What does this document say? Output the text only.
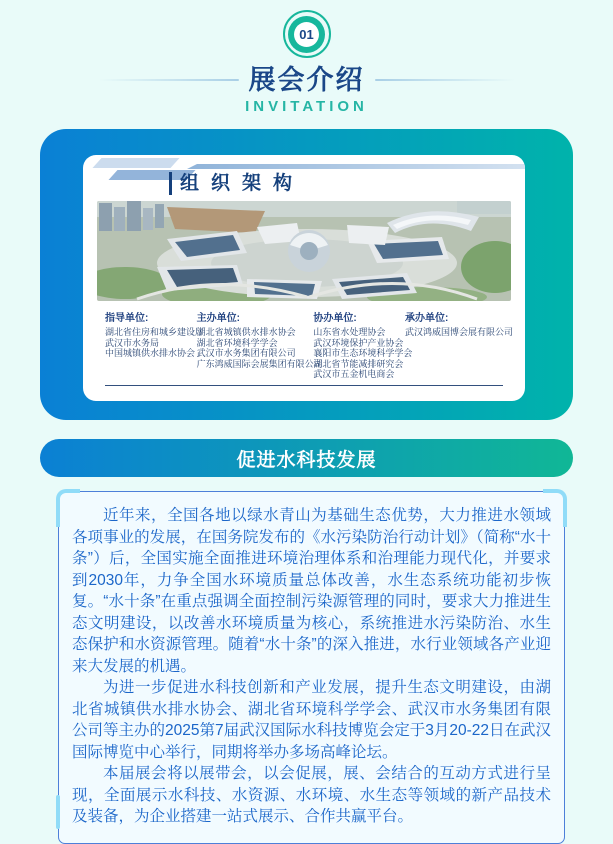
01
展会介绍
INVITATION
组织架构
指导单位:
湖北省住房和城乡建设厅
武汉市水务局
中国城镇供水排水协会
主办单位:
湖北省城镇供水排水协会
湖北省环境科学学会
武汉市水务集团有限公司
广东鸿威国际会展集团有限公司
协办单位:
山东省水处理协会
武汉环境保护产业协会
襄阳市生态环境科学学会
湖北省节能减排研究会
武汉市五金机电商会
承办单位:
武汉鸿威国博会展有限公司
促进水科技发展

近年来，全国各地以绿水青山为基础生态优势，大力推进水领域各项事业的发展，在国务院发布的《水污染防治行动计划》（简称“水十条”）后，全国实施全面推进环境治理体系和治理能力现代化，并要求到2030年，力争全国水环境质量总体改善，水生态系统功能初步恢复。“水十条”在重点强调全面控制污染源管理的同时，要求大力推进生态文明建设，以改善水环境质量为核心，系统推进水污染防治、水生态保护和水资源管理。随着“水十条”的深入推进，水行业领域各产业迎来大发展的机遇。

为进一步促进水科技创新和产业发展，提升生态文明建设，由湖北省城镇供水排水协会、湖北省环境科学学会、武汉市水务集团有限公司等主办的2025第7届武汉国际水科技博览会定于3月20-22日在武汉国际博览中心举行，同期将举办多场高峰论坛。

本届展会将以展带会，以会促展，展、会结合的互动方式进行呈现，全面展示水科技、水资源、水环境、水生态等领域的新产品技术及装备，为企业搭建一站式展示、合作共赢平台。
